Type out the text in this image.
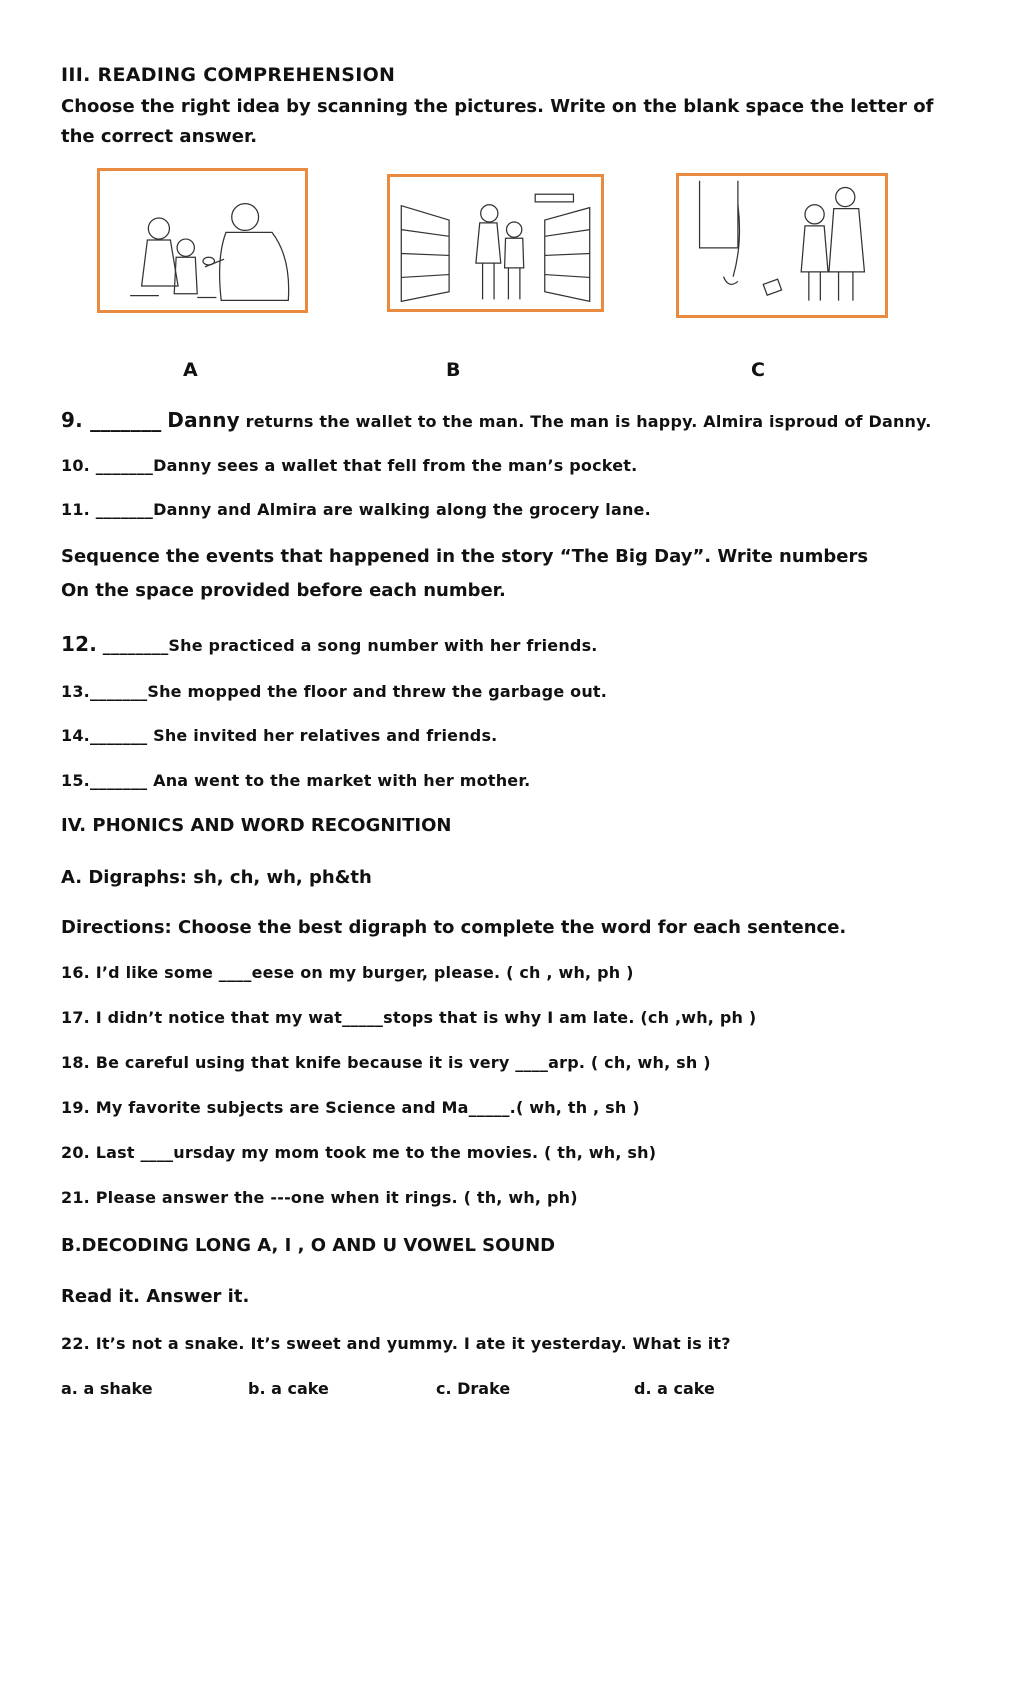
III. READING COMPREHENSION
Choose the right idea by scanning the pictures. Write on the blank space the letter of
the correct answer.
A	B	C
9. _______ Danny returns the wallet to the man. The man is happy. Almira isproud of Danny.
10. _______Danny sees a wallet that fell from the man’s pocket.
11. _______Danny and Almira are walking along the grocery lane.
Sequence the events that happened in the story “The Big Day”. Write numbers
On the space provided before each number.
12. ________She practiced a song number with her friends.
13._______She mopped the floor and threw the garbage out.
14._______ She invited her relatives and friends.
15._______ Ana went to the market with her mother.
IV. PHONICS AND WORD RECOGNITION
A. Digraphs: sh, ch, wh, ph&th
Directions: Choose the best digraph to complete the word for each sentence.
16. I’d like some ____eese on my burger, please. ( ch , wh, ph )
17. I didn’t notice that my wat_____stops that is why I am late. (ch ,wh, ph )
18. Be careful using that knife because it is very ____arp. ( ch, wh, sh )
19. My favorite subjects are Science and Ma_____.( wh, th , sh )
20. Last ____ursday my mom took me to the movies. ( th, wh, sh)
21. Please answer the ---one when it rings. ( th, wh, ph)
B.DECODING LONG A, I , O AND U VOWEL SOUND
Read it. Answer it.
22. It’s not a snake. It’s sweet and yummy. I ate it yesterday. What is it?
a. a shake	b. a cake	c. Drake	d. a cake
